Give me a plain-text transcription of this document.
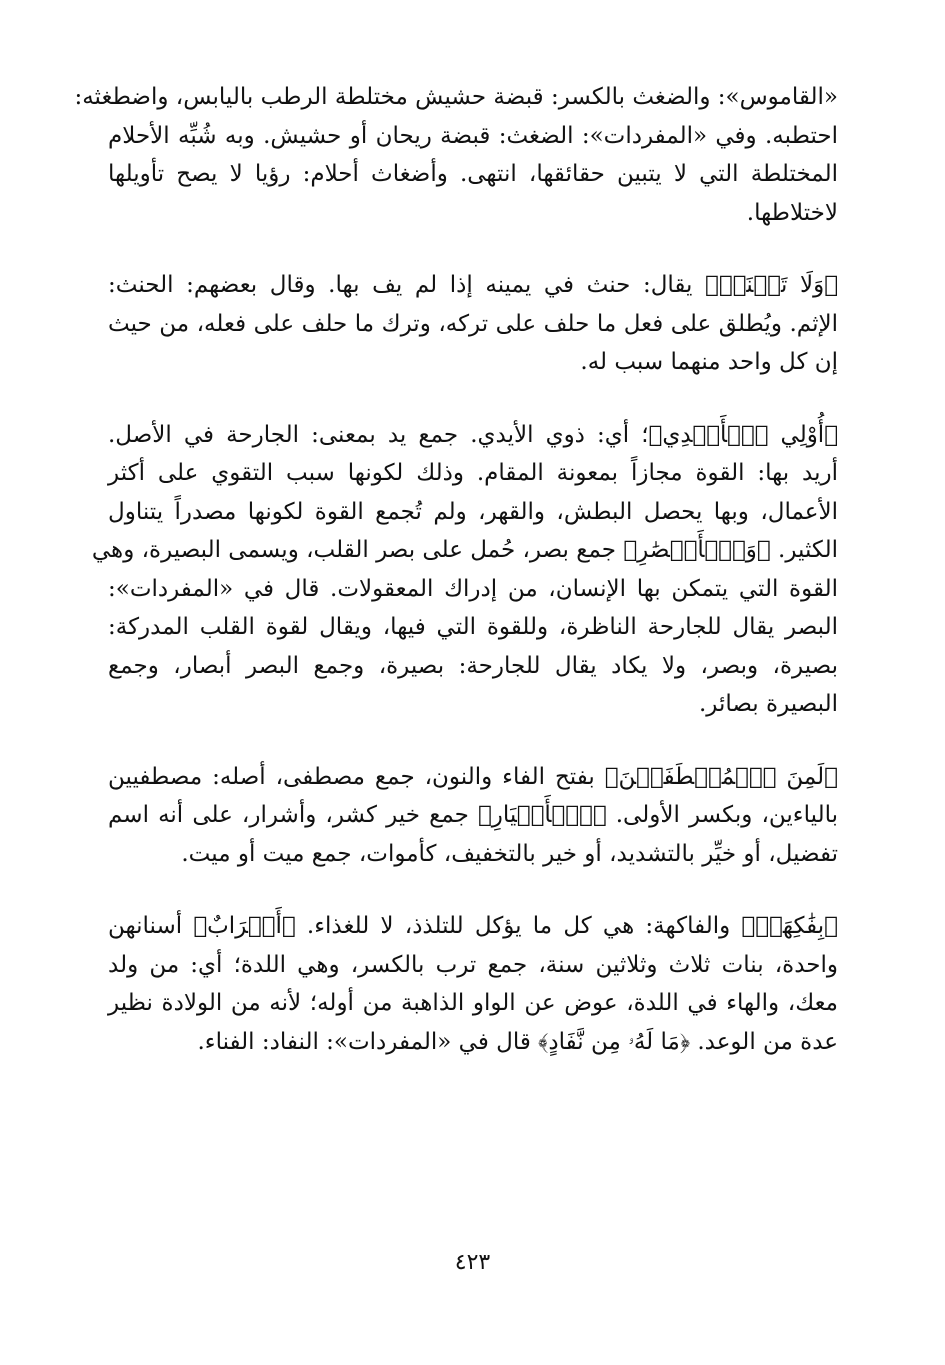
«القاموس»: والضغث بالكسر: قبضة حشيش مختلطة الرطب باليابس، واضطغثه:
احتطبه. وفي «المفردات»: الضغث: قبضة ريحان أو حشيش. وبه شُبِّه الأحلام
المختلطة التي لا يتبين حقائقها، انتهى. وأضغاث أحلام: رؤيا لا يصح تأويلها
لاختلاطها.

﴿وَلَا تَحۡنَثۡ﴾ يقال: حنث في يمينه إذا لم يف بها. وقال بعضهم: الحنث:
الإثم. ويُطلق على فعل ما حلف على تركه، وترك ما حلف على فعله، من حيث
إن كل واحد منهما سبب له.

﴿أُوْلِي ٱلۡأَيۡدِي﴾؛ أي: ذوي الأيدي. جمع يد بمعنى: الجارحة في الأصل.
أريد بها: القوة مجازاً بمعونة المقام. وذلك لكونها سبب التقوي على أكثر
الأعمال، وبها يحصل البطش، والقهر، ولم تُجمع القوة لكونها مصدراً يتناول
الكثير. ﴿وَٱلۡأَبۡصَٰرِ﴾ جمع بصر، حُمل على بصر القلب، ويسمى البصيرة، وهي
القوة التي يتمكن بها الإنسان، من إدراك المعقولات. قال في «المفردات»:
البصر يقال للجارحة الناظرة، وللقوة التي فيها، ويقال لقوة القلب المدركة:
بصيرة، وبصر، ولا يكاد يقال للجارحة: بصيرة، وجمع البصر أبصار، وجمع
البصيرة بصائر.

﴿لَمِنَ ٱلۡمُصۡطَفَيۡنَ﴾ بفتح الفاء والنون، جمع مصطفى، أصله: مصطفيين
بالياءين، وبكسر الأولى. ﴿ٱلۡأَخۡيَارِ﴾ جمع خير كشر، وأشرار، على أنه اسم
تفضيل، أو خيِّر بالتشديد، أو خير بالتخفيف، كأموات، جمع ميت أو ميت.

﴿بِفَٰكِهَةٖ﴾ والفاكهة: هي كل ما يؤكل للتلذذ، لا للغذاء. ﴿أَتۡرَابٌ﴾ أسنانهن
واحدة، بنات ثلاث وثلاثين سنة، جمع ترب بالكسر، وهي اللدة؛ أي: من ولد
معك، والهاء في اللدة، عوض عن الواو الذاهبة من أوله؛ لأنه من الولادة نظير
عدة من الوعد. ﴿مَا لَهُۥ مِن نَّفَادٍ﴾ قال في «المفردات»: النفاد: الفناء.

٤٢٣
